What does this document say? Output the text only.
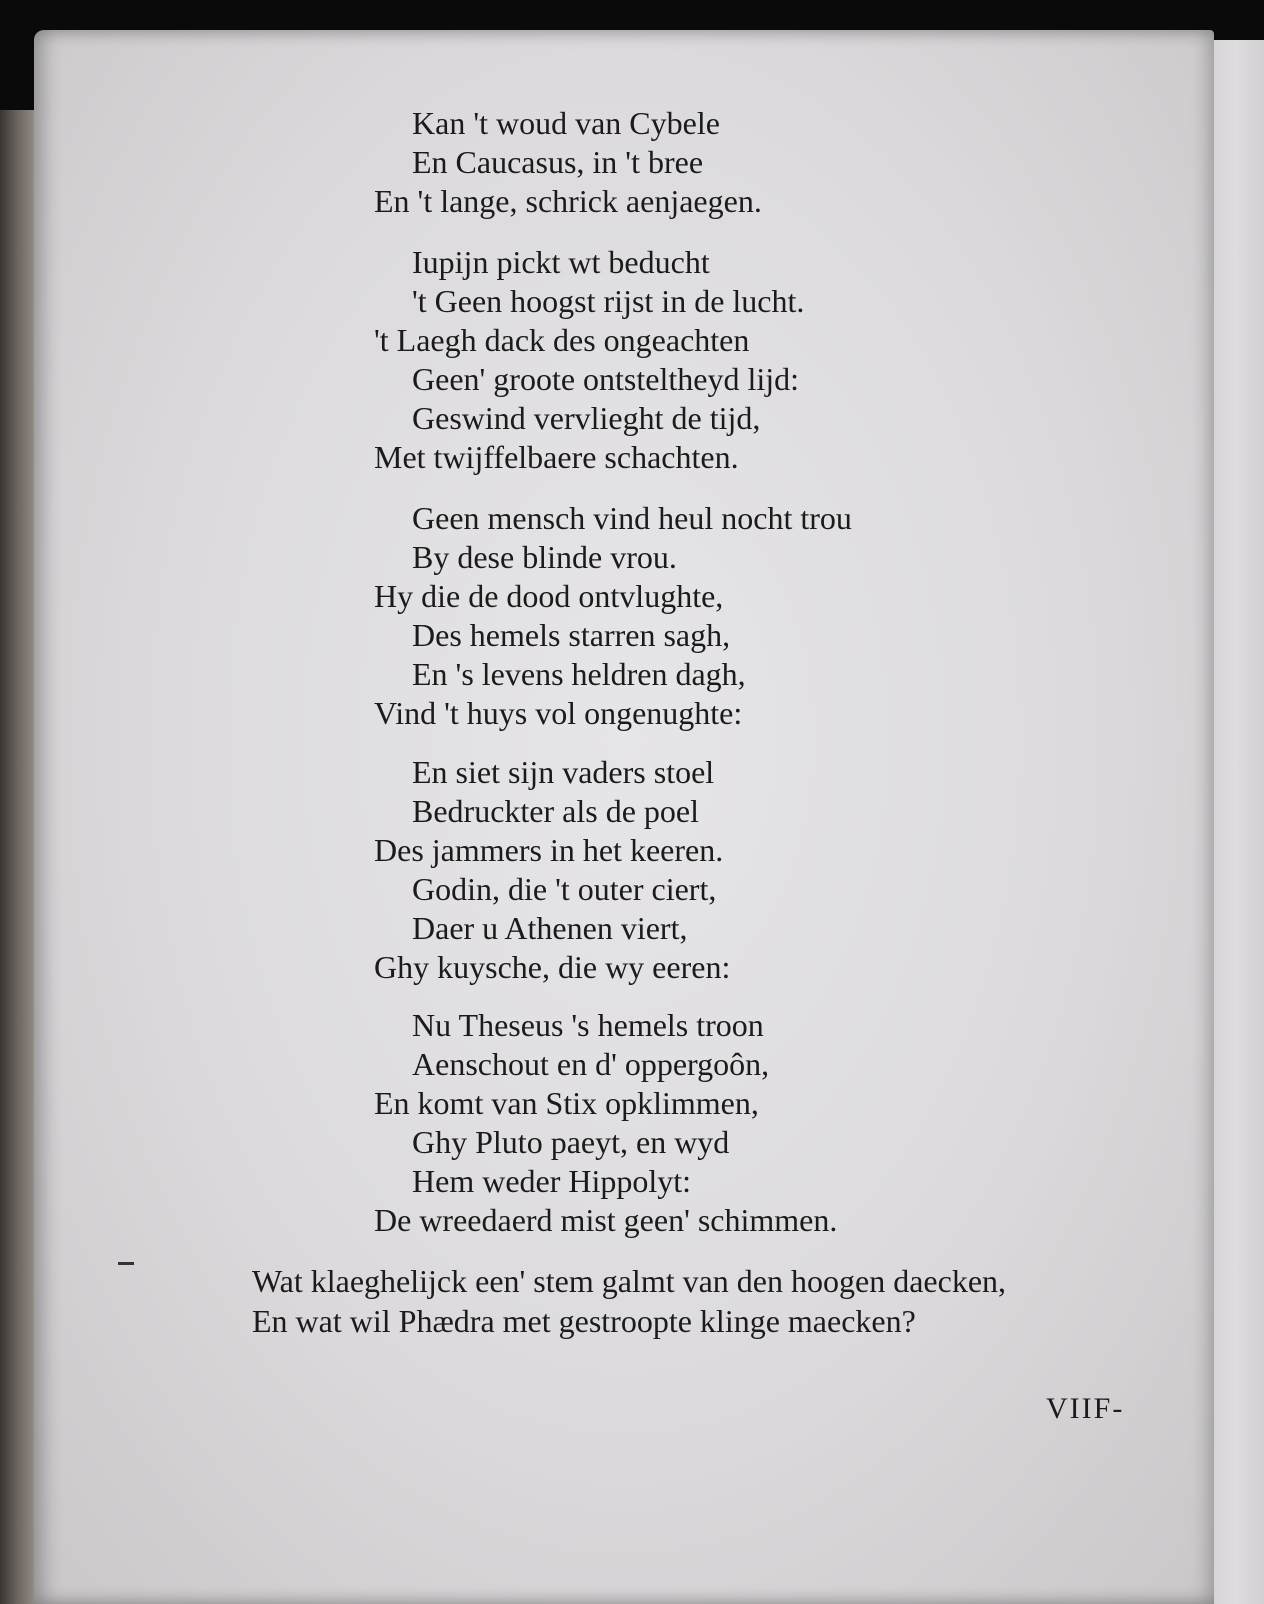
Kan 't woud van Cybele
En Caucasus, in 't bree
En 't lange, schrick aenjaegen.
Iupijn pickt wt beducht
't Geen hoogst rijst in de lucht.
't Laegh dack des ongeachten
Geen' groote ontsteltheyd lijd:
Geswind vervlieght de tijd,
Met twijffelbaere schachten.
Geen mensch vind heul nocht trou
By dese blinde vrou.
Hy die de dood ontvlughte,
Des hemels starren sagh,
En 's levens heldren dagh,
Vind 't huys vol ongenughte:
En siet sijn vaders stoel
Bedruckter als de poel
Des jammers in het keeren.
Godin, die 't outer ciert,
Daer u Athenen viert,
Ghy kuysche, die wy eeren:
Nu Theseus 's hemels troon
Aenschout en d' oppergoôn,
En komt van Stix opklimmen,
Ghy Pluto paeyt, en wyd
Hem weder Hippolyt:
De wreedaerd mist geen' schimmen.
Wat klaeghelijck een' stem galmt van den hoogen daecken,
En wat wil Phædra met gestroopte klinge maecken?
VIIF-
